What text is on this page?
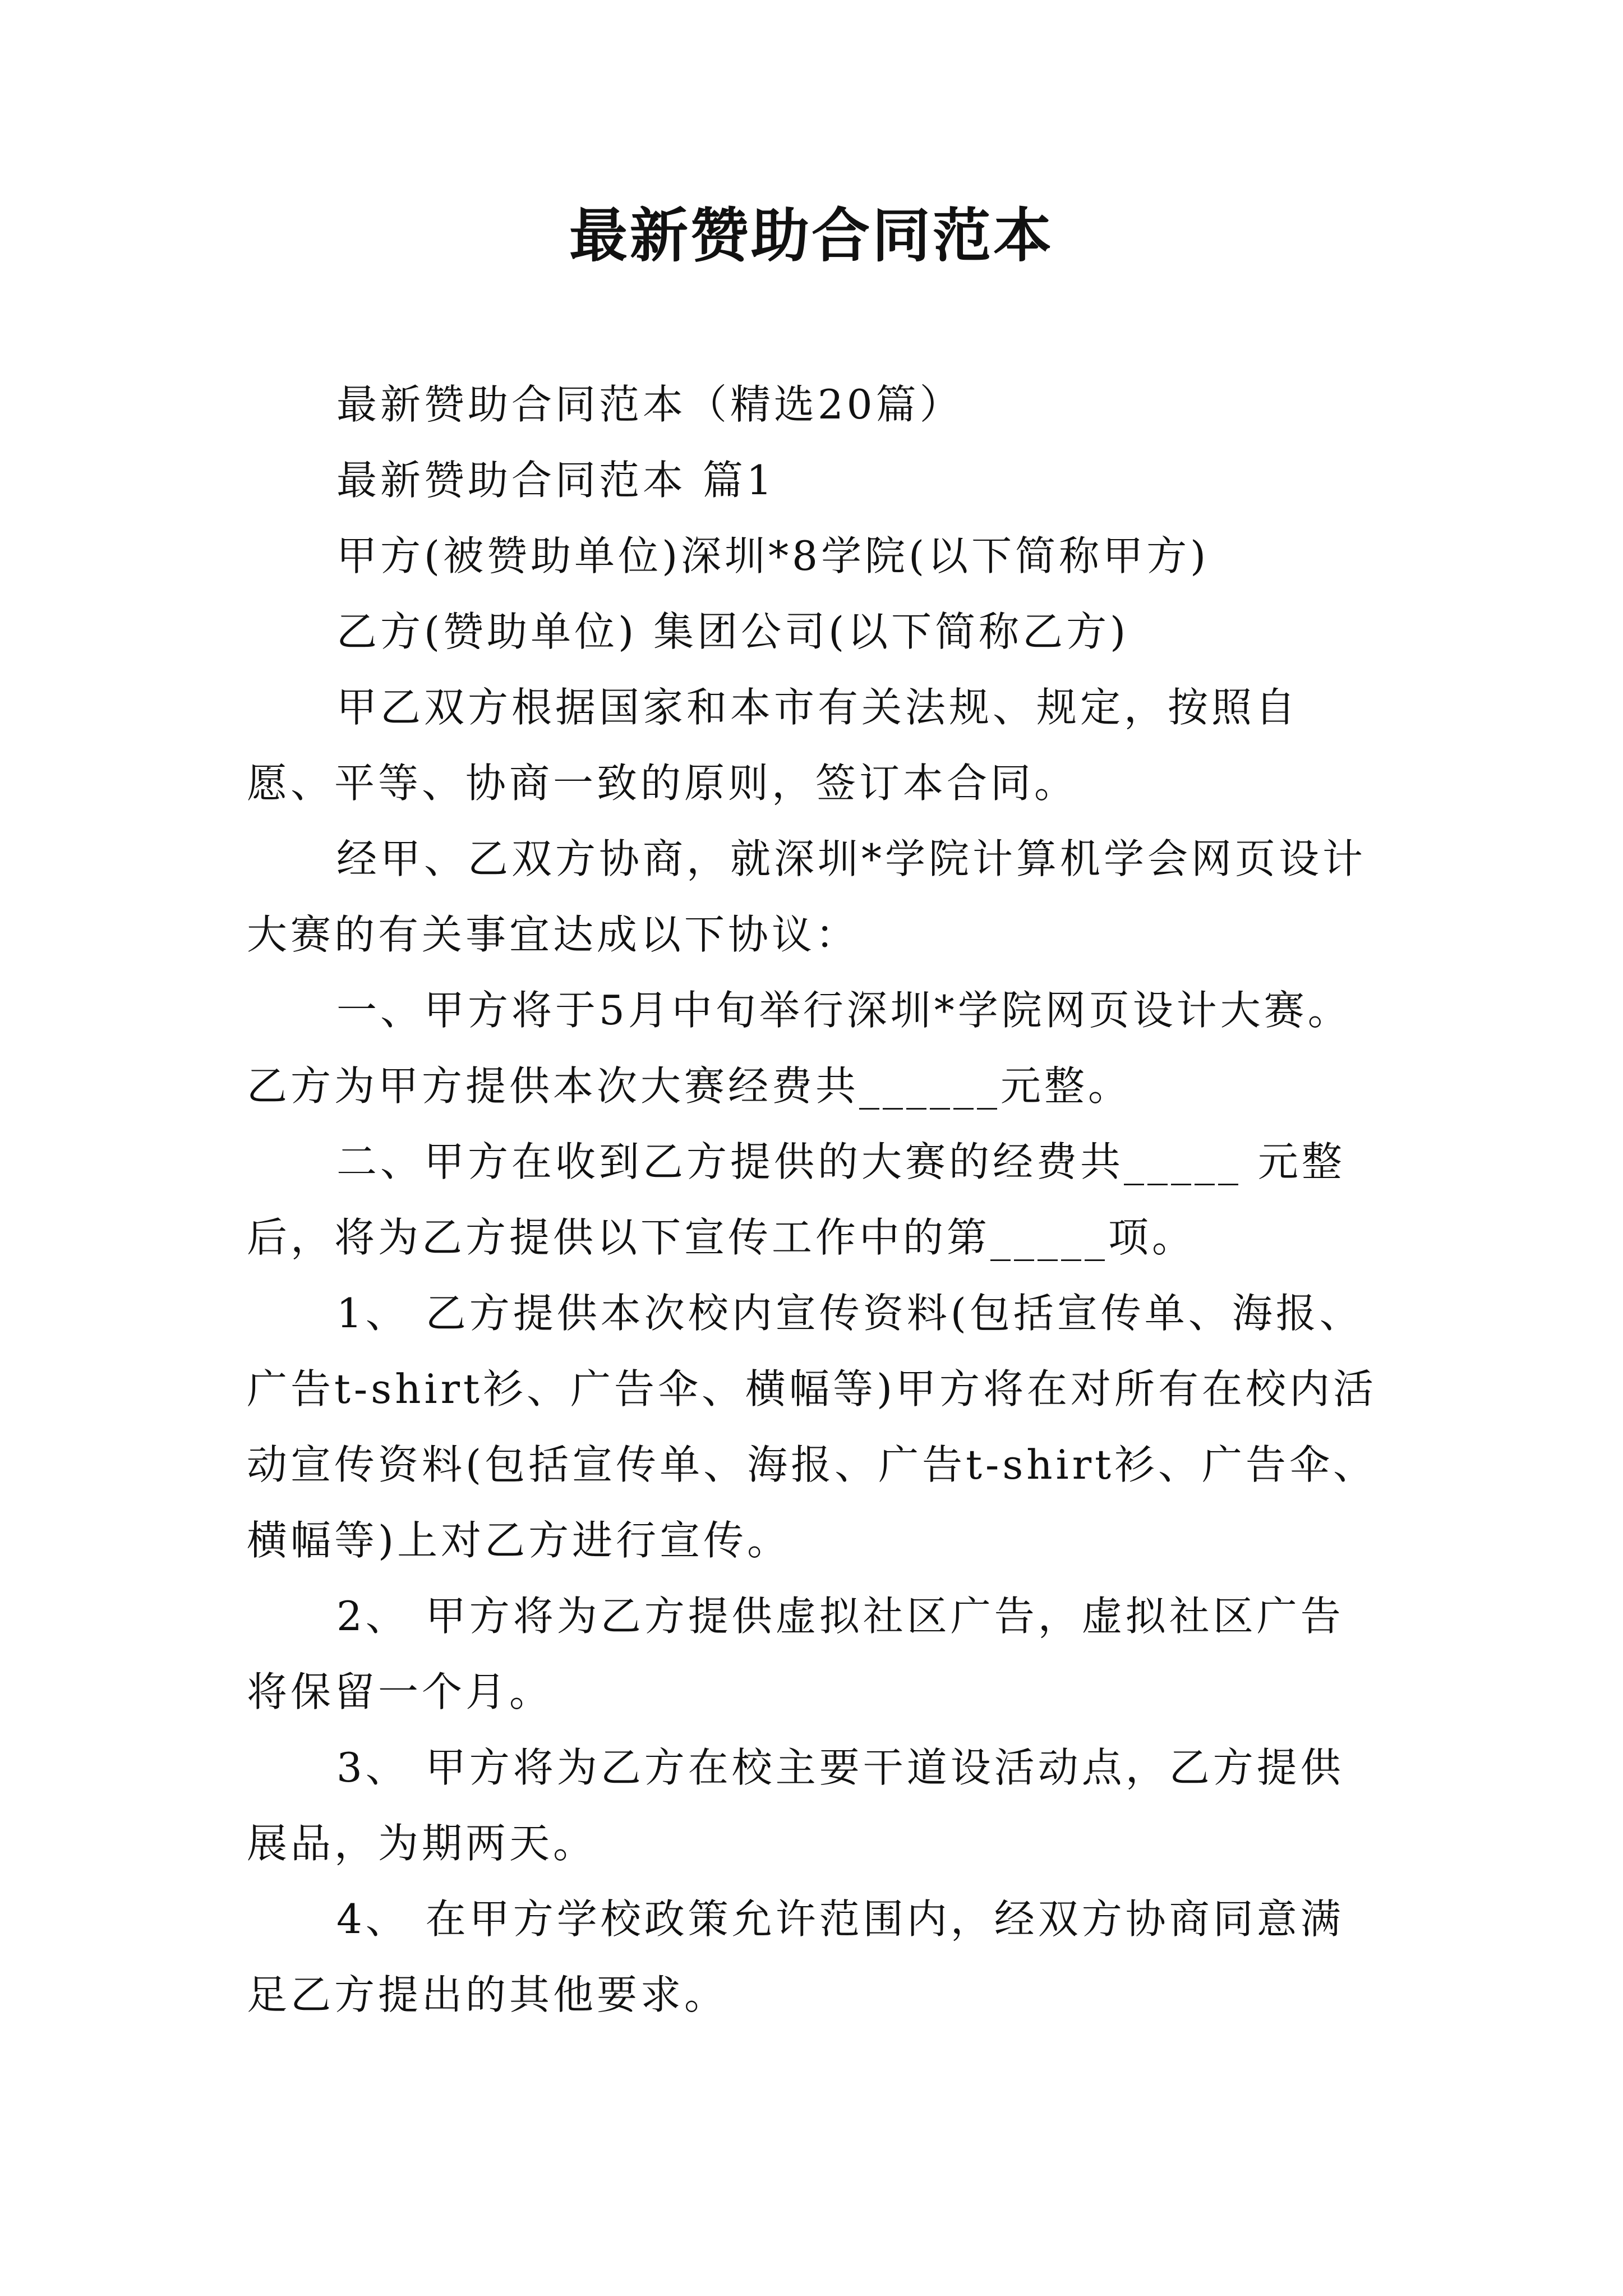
最新赞助合同范本

最新赞助合同范本（精选20篇）

最新赞助合同范本 篇1

甲方(被赞助单位)深圳*8学院(以下简称甲方)

乙方(赞助单位) 集团公司(以下简称乙方)

甲乙双方根据国家和本市有关法规、规定，按照自愿、平等、协商一致的原则，签订本合同。

经甲、乙双方协商，就深圳*学院计算机学会网页设计大赛的有关事宜达成以下协议：

一、甲方将于5月中旬举行深圳*学院网页设计大赛。乙方为甲方提供本次大赛经费共______元整。

二、甲方在收到乙方提供的大赛的经费共_____ 元整后，将为乙方提供以下宣传工作中的第_____项。

1、 乙方提供本次校内宣传资料(包括宣传单、海报、广告t-shirt衫、广告伞、横幅等)甲方将在对所有在校内活动宣传资料(包括宣传单、海报、广告t-shirt衫、广告伞、横幅等)上对乙方进行宣传。

2、 甲方将为乙方提供虚拟社区广告，虚拟社区广告将保留一个月。

3、 甲方将为乙方在校主要干道设活动点，乙方提供展品，为期两天。

4、 在甲方学校政策允许范围内，经双方协商同意满足乙方提出的其他要求。
